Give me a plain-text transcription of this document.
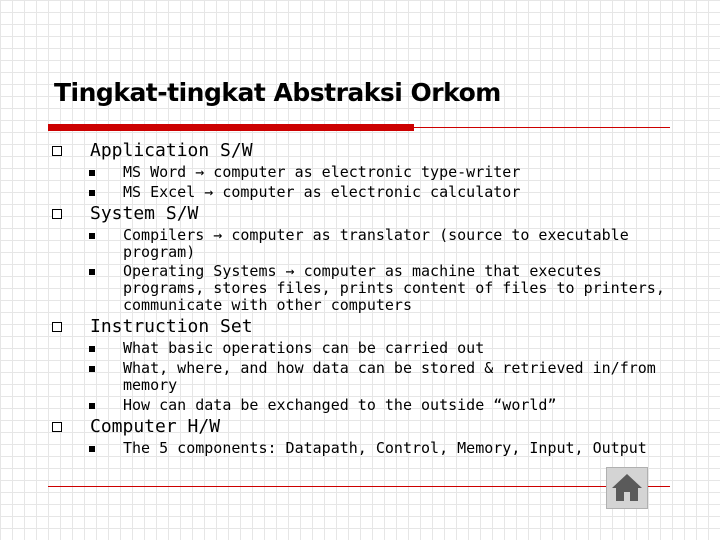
Tingkat-tingkat Abstraksi Orkom
Application S/W
MS Word → computer as electronic type-writer
MS Excel → computer as electronic calculator
System S/W
Compilers → computer as translator (source to executable
program)
Operating Systems → computer as machine that executes
programs, stores files, prints content of files to printers,
communicate with other computers
Instruction Set
What basic operations can be carried out
What, where, and how data can be stored & retrieved in/from
memory
How can data be exchanged to the outside “world”
Computer H/W
The 5 components: Datapath, Control, Memory, Input, Output
